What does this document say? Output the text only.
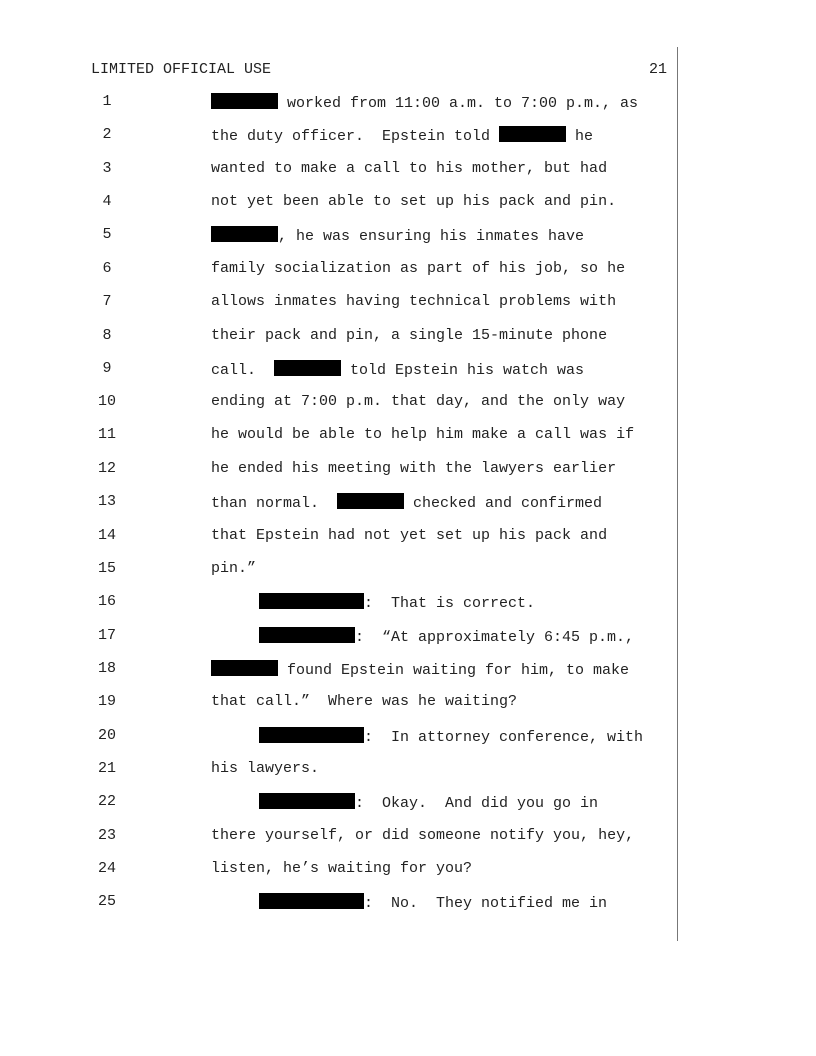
LIMITED OFFICIAL USE	21
1	worked from 11:00 a.m. to 7:00 p.m., as
2	the duty officer.  Epstein told	he
3	wanted to make a call to his mother, but had
4	not yet been able to set up his pack and pin.
5	, he was ensuring his inmates have
6	family socialization as part of his job, so he
7	allows inmates having technical problems with
8	their pack and pin, a single 15-minute phone
9	call.	told Epstein his watch was
10	ending at 7:00 p.m. that day, and the only way
11	he would be able to help him make a call was if
12	he ended his meeting with the lawyers earlier
13	than normal.	checked and confirmed
14	that Epstein had not yet set up his pack and
15	pin.”
16	:  That is correct.
17	:  “At approximately 6:45 p.m.,
18	found Epstein waiting for him, to make
19	that call.”  Where was he waiting?
20	:  In attorney conference, with
21	his lawyers.
22	:  Okay.  And did you go in
23	there yourself, or did someone notify you, hey,
24	listen, he’s waiting for you?
25	:  No.  They notified me in
